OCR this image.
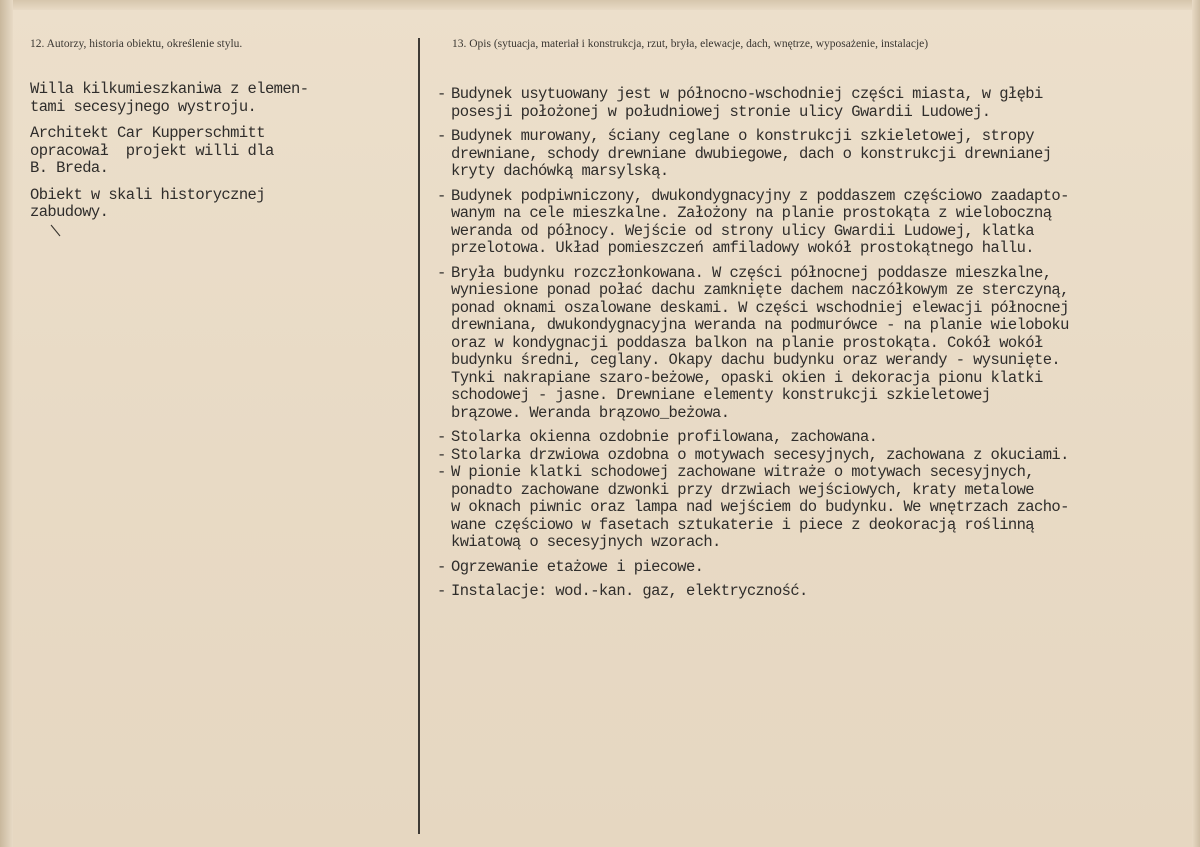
12. Autorzy, historia obiektu, określenie stylu.	13. Opis (sytuacja, materiał i konstrukcja, rzut, bryła, elewacje, dach, wnętrze, wyposażenie, instalacje)
Willa kilkumieszkaniwa z elemen-
tami secesyjnego wystroju.
Architekt Car Kupperschmitt
opracował  projekt willi dla
B. Breda.
Obiekt w skali historycznej
zabudowy.
- Budynek usytuowany jest w północno-wschodniej części miasta, w głębi
posesji położonej w południowej stronie ulicy Gwardii Ludowej.
- Budynek murowany, ściany ceglane o konstrukcji szkieletowej, stropy
drewniane, schody drewniane dwubiegowe, dach o konstrukcji drewnianej
kryty dachówką marsylską.
- Budynek podpiwniczony, dwukondygnacyjny z poddaszem częściowo zaadapto-
wanym na cele mieszkalne. Założony na planie prostokąta z wieloboczną
weranda od północy. Wejście od strony ulicy Gwardii Ludowej, klatka
przelotowa. Układ pomieszczeń amfiladowy wokół prostokątnego hallu.
- Bryła budynku rozczłonkowana. W części północnej poddasze mieszkalne,
wyniesione ponad połać dachu zamknięte dachem naczółkowym ze sterczyną,
ponad oknami oszalowane deskami. W części wschodniej elewacji północnej
drewniana, dwukondygnacyjna weranda na podmurówce - na planie wieloboku
oraz w kondygnacji poddasza balkon na planie prostokąta. Cokół wokół
budynku średni, ceglany. Okapy dachu budynku oraz werandy - wysunięte.
Tynki nakrapiane szaro-beżowe, opaski okien i dekoracja pionu klatki
schodowej - jasne. Drewniane elementy konstrukcji szkieletowej
brązowe. Weranda brązowo_beżowa.
- Stolarka okienna ozdobnie profilowana, zachowana.
- Stolarka drzwiowa ozdobna o motywach secesyjnych, zachowana z okuciami.
- W pionie klatki schodowej zachowane witraże o motywach secesyjnych,
ponadto zachowane dzwonki przy drzwiach wejściowych, kraty metalowe
w oknach piwnic oraz lampa nad wejściem do budynku. We wnętrzach zacho-
wane częściowo w fasetach sztukaterie i piece z deokoracją roślinną
kwiatową o secesyjnych wzorach.
- Ogrzewanie etażowe i piecowe.
- Instalacje: wod.-kan. gaz, elektryczność.
